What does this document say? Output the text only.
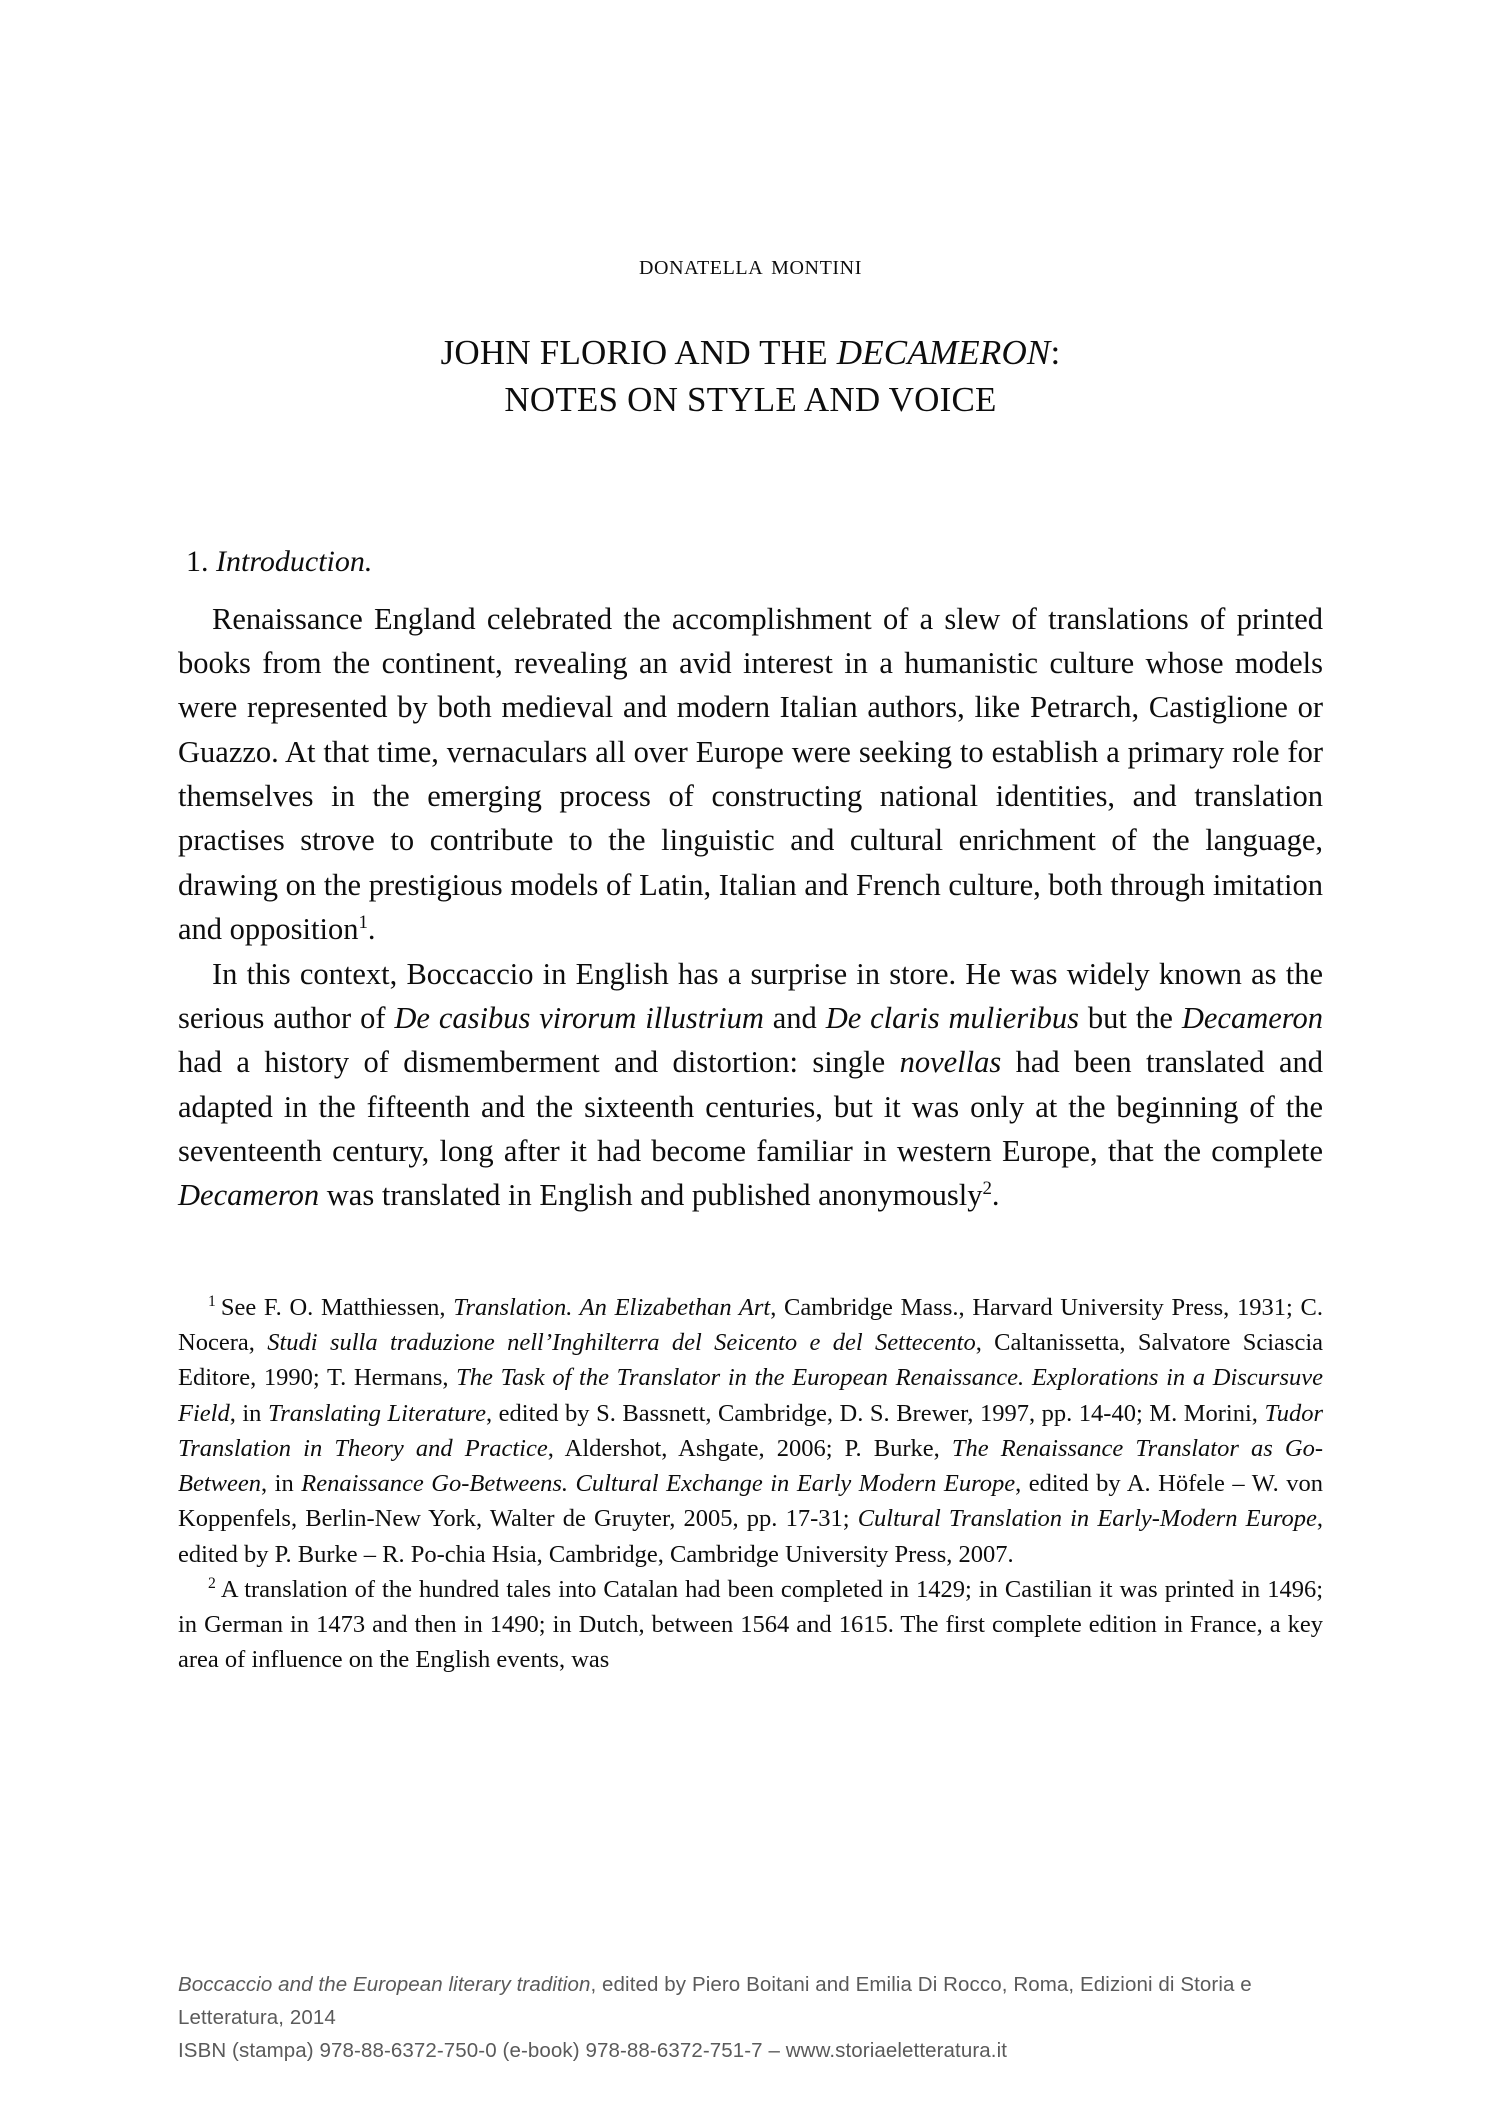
donatella montini
JOHN FLORIO AND THE DECAMERON:
NOTES ON STYLE AND VOICE
1. Introduction.

Renaissance England celebrated the accomplishment of a slew of translations of printed books from the continent, revealing an avid interest in a humanistic culture whose models were represented by both medieval and modern Italian authors, like Petrarch, Castiglione or Guazzo. At that time, vernaculars all over Europe were seeking to establish a primary role for themselves in the emerging process of constructing national identities, and translation practises strove to contribute to the linguistic and cultural enrichment of the language, drawing on the prestigious models of Latin, Italian and French culture, both through imitation and opposition$^1$.

In this context, Boccaccio in English has a surprise in store. He was widely known as the serious author of De casibus virorum illustrium and De claris mulieribus but the Decameron had a history of dismemberment and distortion: single novellas had been translated and adapted in the fifteenth and the sixteenth centuries, but it was only at the beginning of the seventeenth century, long after it had become familiar in western Europe, that the complete Decameron was translated in English and published anonymously$^2$.

$^1$ See F. O. Matthiessen, Translation. An Elizabethan Art, Cambridge Mass., Harvard University Press, 1931; C. Nocera, Studi sulla traduzione nell’Inghilterra del Seicento e del Settecento, Caltanissetta, Salvatore Sciascia Editore, 1990; T. Hermans, The Task of the Translator in the European Renaissance. Explorations in a Discursuve Field, in Translating Literature, edited by S. Bassnett, Cambridge, D. S. Brewer, 1997, pp. 14-40; M. Morini, Tudor Translation in Theory and Practice, Aldershot, Ashgate, 2006; P. Burke, The Renaissance Translator as Go-Between, in Renaissance Go-Betweens. Cultural Exchange in Early Modern Europe, edited by A. Höfele – W. von Koppenfels, Berlin-New York, Walter de Gruyter, 2005, pp. 17-31; Cultural Translation in Early-Modern Europe, edited by P. Burke – R. Po-chia Hsia, Cambridge, Cambridge University Press, 2007.

$^2$ A translation of the hundred tales into Catalan had been completed in 1429; in Castilian it was printed in 1496; in German in 1473 and then in 1490; in Dutch, between 1564 and 1615. The first complete edition in France, a key area of influence on the English events, was

Boccaccio and the European literary tradition, edited by Piero Boitani and Emilia Di Rocco, Roma, Edizioni di Storia e Letteratura, 2014

ISBN (stampa) 978-88-6372-750-0 (e-book) 978-88-6372-751-7 – www.storiaeletteratura.it
